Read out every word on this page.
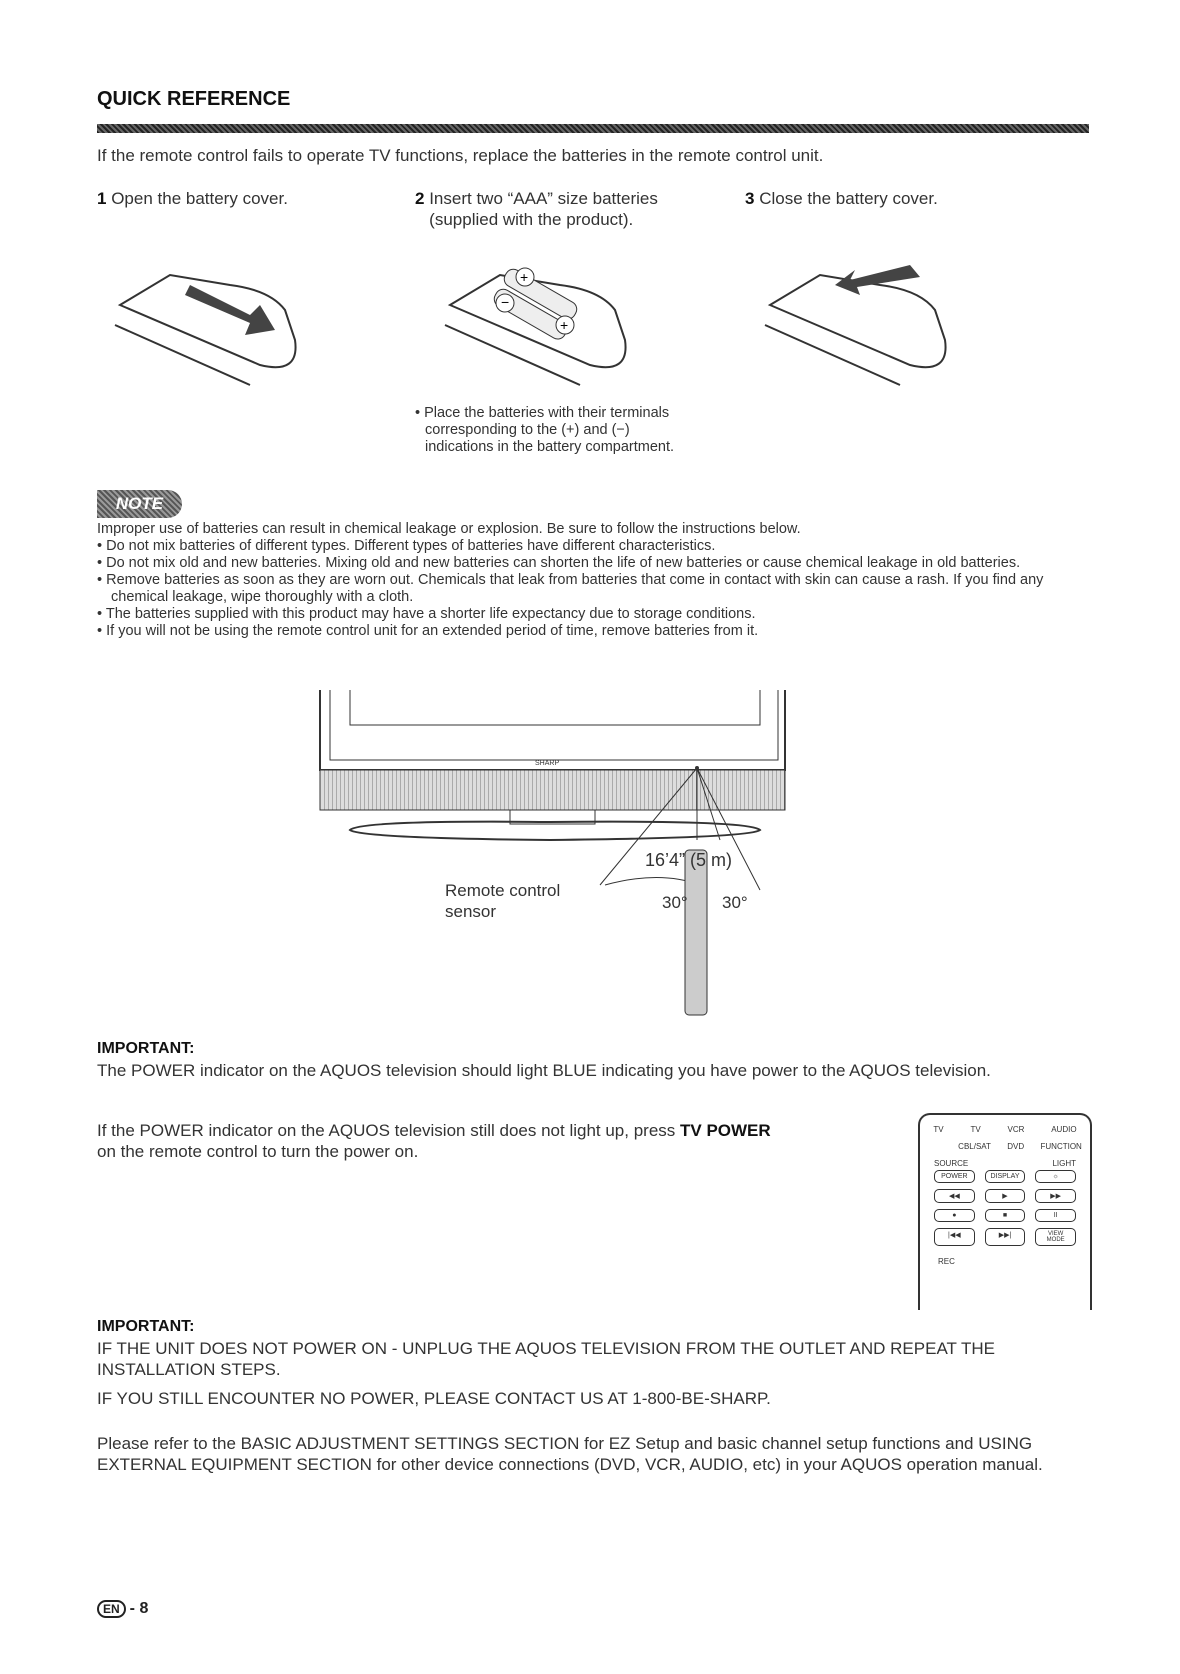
QUICK REFERENCE
If the remote control fails to operate TV functions, replace the batteries in the remote control unit.
1 Open the battery cover.	2 Insert two “AAA” size batteries
(supplied with the product).
3 Close the battery cover.
+
−
+
• Place the batteries with their terminals
corresponding to the (+) and (−)
indications in the battery compartment.
NOTE
Improper use of batteries can result in chemical leakage or explosion. Be sure to follow the instructions below.
• Do not mix batteries of different types. Different types of batteries have different characteristics.
• Do not mix old and new batteries. Mixing old and new batteries can shorten the life of new batteries or cause chemical leakage in old batteries.
• Remove batteries as soon as they are worn out. Chemicals that leak from batteries that come in contact with skin can cause a rash. If you find any chemical leakage, wipe thoroughly with a cloth.
• The batteries supplied with this product may have a shorter life expectancy due to storage conditions.
• If you will not be using the remote control unit for an extended period of time, remove batteries from it.
SHARP
16’4” (5 m)
30° 30°
Remote control
sensor
IMPORTANT:
The POWER indicator on the AQUOS television should light BLUE indicating you have power to the AQUOS television.
If the POWER indicator on the AQUOS television still does not light up, press TV POWER
on the remote control to turn the power on.
TV	TV	VCR	AUDIO
CBL/SAT DVD FUNCTION
SOURCE	LIGHT
POWER	DISPLAY	☼
◀◀	▶	▶▶
●	■	II
|◀◀	▶▶|	VIEW MODE
REC
IMPORTANT:
IF THE UNIT DOES NOT POWER ON - UNPLUG THE AQUOS TELEVISION FROM THE OUTLET AND REPEAT THE INSTALLATION STEPS.
IF YOU STILL ENCOUNTER NO POWER, PLEASE CONTACT US AT 1-800-BE-SHARP.
Please refer to the BASIC ADJUSTMENT SETTINGS SECTION for EZ Setup and basic channel setup functions and USING EXTERNAL EQUIPMENT SECTION for other device connections (DVD, VCR, AUDIO, etc) in your AQUOS operation manual.
EN - 8
